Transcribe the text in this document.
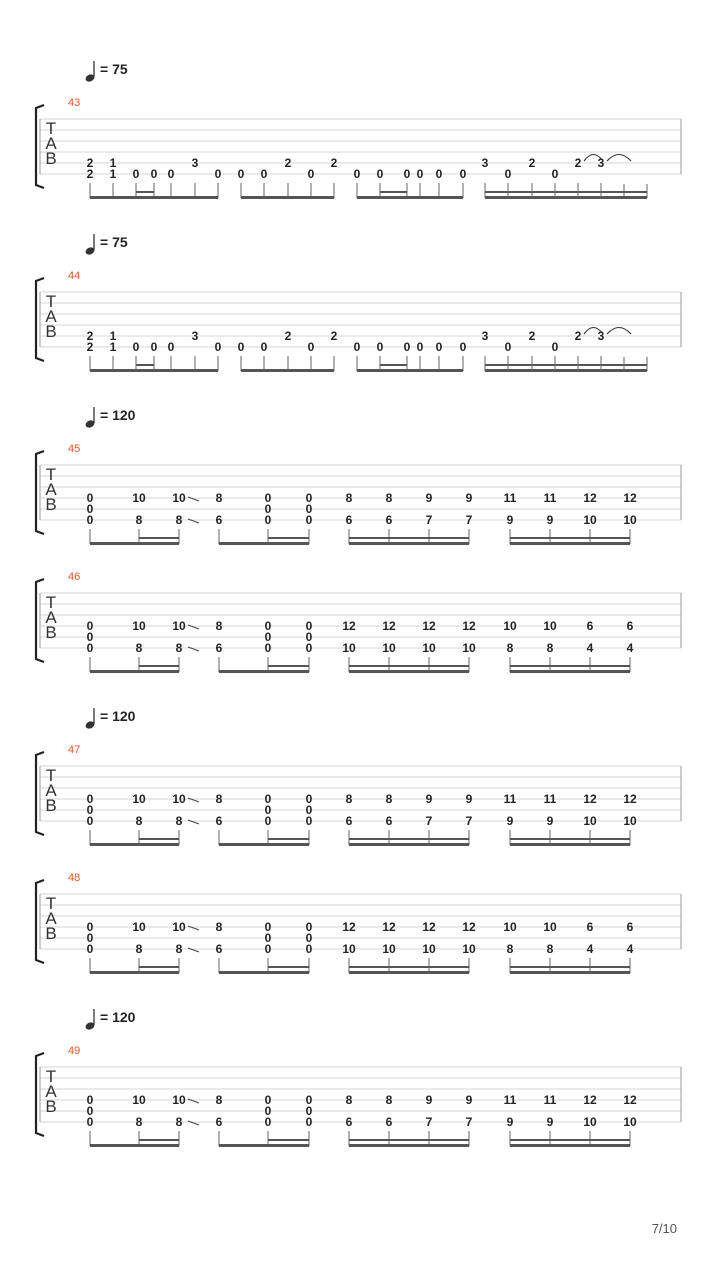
= 75
43
T
A
B 2
2
1
1 0 0 0
3
0 0 0
2
0
2
0 0 0 0 0 0
3
0
2
0
2 3
= 75
44
T
A
B 2
2
1
1 0 0 0
3
0 0 0
2
0
2
0 0 0 0 0 0
3
0
2
0
2 3
= 120
45
T
A
B 0
0
0
10
8
10
8
8
6
0
0
0
0
0
0
8
6
8
6
9
7
9
7
11
9
11
9
12
10
12
10
46
T
A
B 0
0
0
10
8
10
8
8
6
0
0
0
0
0
0
12
10
12
10
12
10
12
10
10
8
10
8
6
4
6
4
= 120
47
T
A
B 0
0
0
10
8
10
8
8
6
0
0
0
0
0
0
8
6
8
6
9
7
9
7
11
9
11
9
12
10
12
10
48
T
A
B 0
0
0
10
8
10
8
8
6
0
0
0
0
0
0
12
10
12
10
12
10
12
10
10
8
10
8
6
4
6
4
= 120
49
T
A
B 0
0
0
10
8
10
8
8
6
0
0
0
0
0
0
8
6
8
6
9
7
9
7
11
9
11
9
12
10
12
10
7/10
